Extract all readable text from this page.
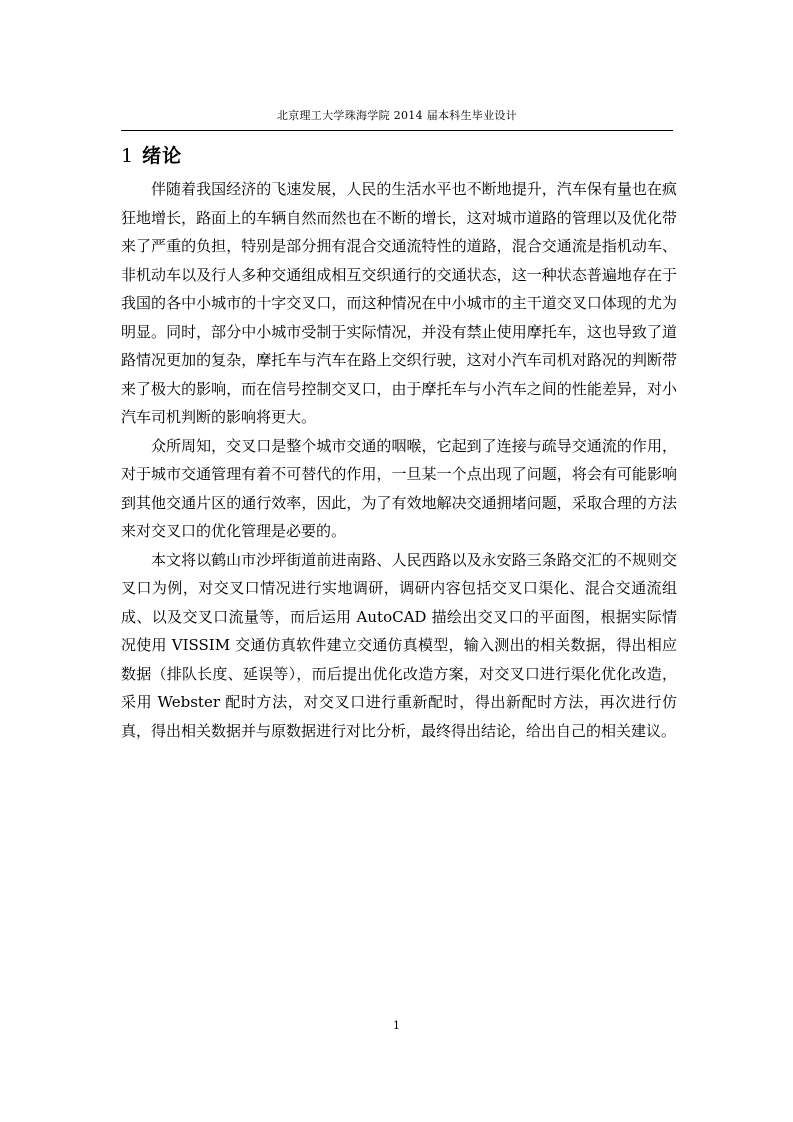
北京理工大学珠海学院 2014 届本科生毕业设计
1 绪论

伴随着我国经济的飞速发展，人民的生活水平也不断地提升，汽车保有量也在疯狂地增长，路面上的车辆自然而然也在不断的增长，这对城市道路的管理以及优化带来了严重的负担，特别是部分拥有混合交通流特性的道路，混合交通流是指机动车、非机动车以及行人多种交通组成相互交织通行的交通状态，这一种状态普遍地存在于我国的各中小城市的十字交叉口，而这种情况在中小城市的主干道交叉口体现的尤为明显。同时，部分中小城市受制于实际情况，并没有禁止使用摩托车，这也导致了道路情况更加的复杂，摩托车与汽车在路上交织行驶，这对小汽车司机对路况的判断带来了极大的影响，而在信号控制交叉口，由于摩托车与小汽车之间的性能差异，对小汽车司机判断的影响将更大。

众所周知，交叉口是整个城市交通的咽喉，它起到了连接与疏导交通流的作用，对于城市交通管理有着不可替代的作用，一旦某一个点出现了问题，将会有可能影响到其他交通片区的通行效率，因此，为了有效地解决交通拥堵问题，采取合理的方法来对交叉口的优化管理是必要的。

本文将以鹤山市沙坪街道前进南路、人民西路以及永安路三条路交汇的不规则交叉口为例，对交叉口情况进行实地调研，调研内容包括交叉口渠化、混合交通流组成、以及交叉口流量等，而后运用 AutoCAD 描绘出交叉口的平面图，根据实际情况使用 VISSIM 交通仿真软件建立交通仿真模型，输入测出的相关数据，得出相应数据（排队长度、延误等），而后提出优化改造方案，对交叉口进行渠化优化改造，采用 Webster 配时方法，对交叉口进行重新配时，得出新配时方法，再次进行仿真，得出相关数据并与原数据进行对比分析，最终得出结论，给出自己的相关建议。

1
